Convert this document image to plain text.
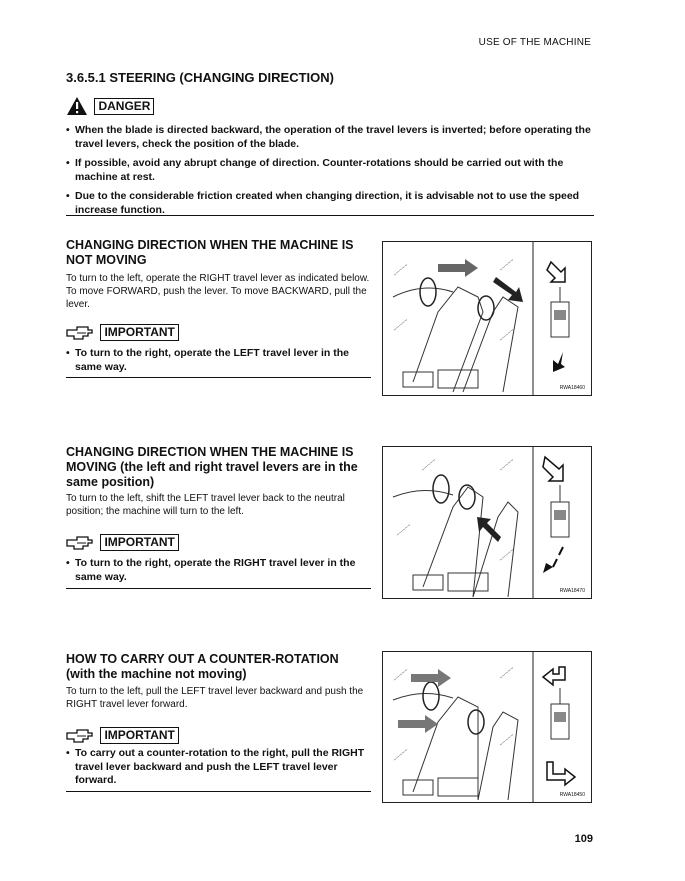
USE OF THE MACHINE
3.6.5.1 STEERING (CHANGING DIRECTION)
DANGER
• When the blade is directed backward, the operation of the travel levers is inverted; before operating the travel levers, check the position of the blade.
• If possible, avoid any abrupt change of direction. Counter-rotations should be carried out with the machine at rest.
• Due to the considerable friction created when changing direction, it is advisable not to use the speed increase function.
CHANGING DIRECTION WHEN THE MACHINE IS NOT MOVING
To turn to the left, operate the RIGHT travel lever as indicated below. To move FORWARD, push the lever. To move BACKWARD, pull the lever.
IMPORTANT
• To turn to the right, operate the LEFT travel lever in the same way.
~~~~~	~~~~~
~~~~~
~~~~~
RWA18460
CHANGING DIRECTION WHEN THE MACHINE IS MOVING (the left and right travel levers are in the same position)
To turn to the left, shift the LEFT travel lever back to the neutral position; the machine will turn to the left.
IMPORTANT
• To turn to the right, operate the RIGHT travel lever in the same way.
~~~~~	~~~~~
~~~~~
~~~~~
RWA18470
HOW TO CARRY OUT A COUNTER-ROTATION (with the machine not moving)
To turn to the left, pull the LEFT travel lever backward and push the RIGHT travel lever forward.
IMPORTANT
• To carry out a counter-rotation to the right, pull the RIGHT travel lever backward and push the LEFT travel lever forward.
~~~~~	~~~~~
~~~~~
~~~~~
RWA18450
109
